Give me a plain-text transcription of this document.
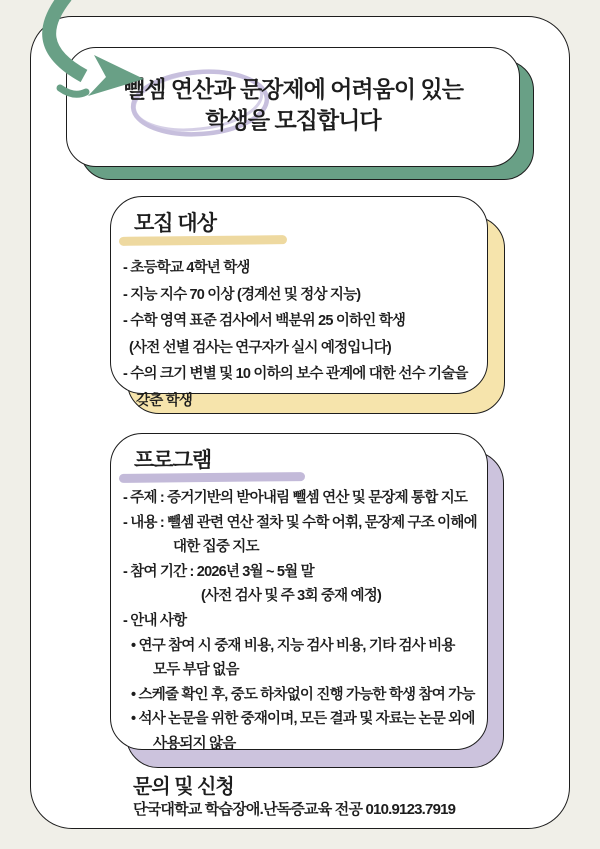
뺄셈 연산과 문장제에 어려움이 있는
학생을 모집합니다
모집 대상
- 초등학교 4학년 학생
- 지능 지수 70 이상 (경계선 및 정상 지능)
- 수학 영역 표준 검사에서 백분위 25 이하인 학생
(사전 선별 검사는 연구자가 실시 예정입니다)
- 수의 크기 변별 및 10 이하의 보수 관계에 대한 선수 기술을
갖춘 학생
프로그램
- 주제 : 증거기반의 받아내림 뺄셈 연산 및 문장제 통합 지도
- 내용 : 뺄셈 관련 연산 절차 및 수학 어휘, 문장제 구조 이해에
대한 집중 지도
- 참여 기간 : 2026년 3월 ~ 5월 말
(사전 검사 및 주 3회 중재 예정)
- 안내 사항
• 연구 참여 시 중재 비용, 지능 검사 비용, 기타 검사 비용
모두 부담 없음
• 스케줄 확인 후, 중도 하차없이 진행 가능한 학생 참여 가능
• 석사 논문을 위한 중재이며, 모든 결과 및 자료는 논문 외에
사용되지 않음
문의 및 신청
단국대학교 학습장애.난독증교육 전공 010.9123.7919
